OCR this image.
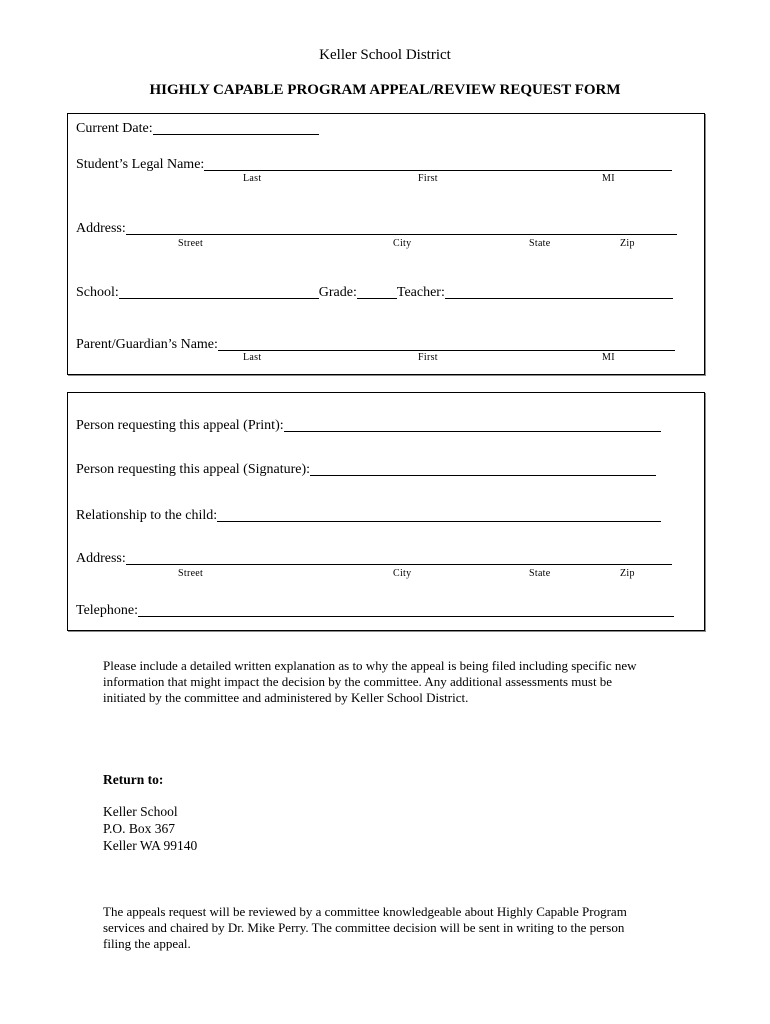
Keller School District
HIGHLY CAPABLE PROGRAM APPEAL/REVIEW REQUEST FORM
Current Date:
Student’s Legal Name:
Last	First	MI
Address:
Street	City	State	Zip
School:	Grade:	Teacher:
Parent/Guardian’s Name:
Last	First	MI
Person requesting this appeal (Print):
Person requesting this appeal (Signature):
Relationship to the child:
Address:
Street	City	State	Zip
Telephone:
Please include a detailed written explanation as to why the appeal is being filed including specific new
information that might impact the decision by the committee. Any additional assessments must be
initiated by the committee and administered by Keller School District.
Return to:
Keller School
P.O. Box 367
Keller WA 99140
The appeals request will be reviewed by a committee knowledgeable about Highly Capable Program
services and chaired by Dr. Mike Perry. The committee decision will be sent in writing to the person
filing the appeal.
